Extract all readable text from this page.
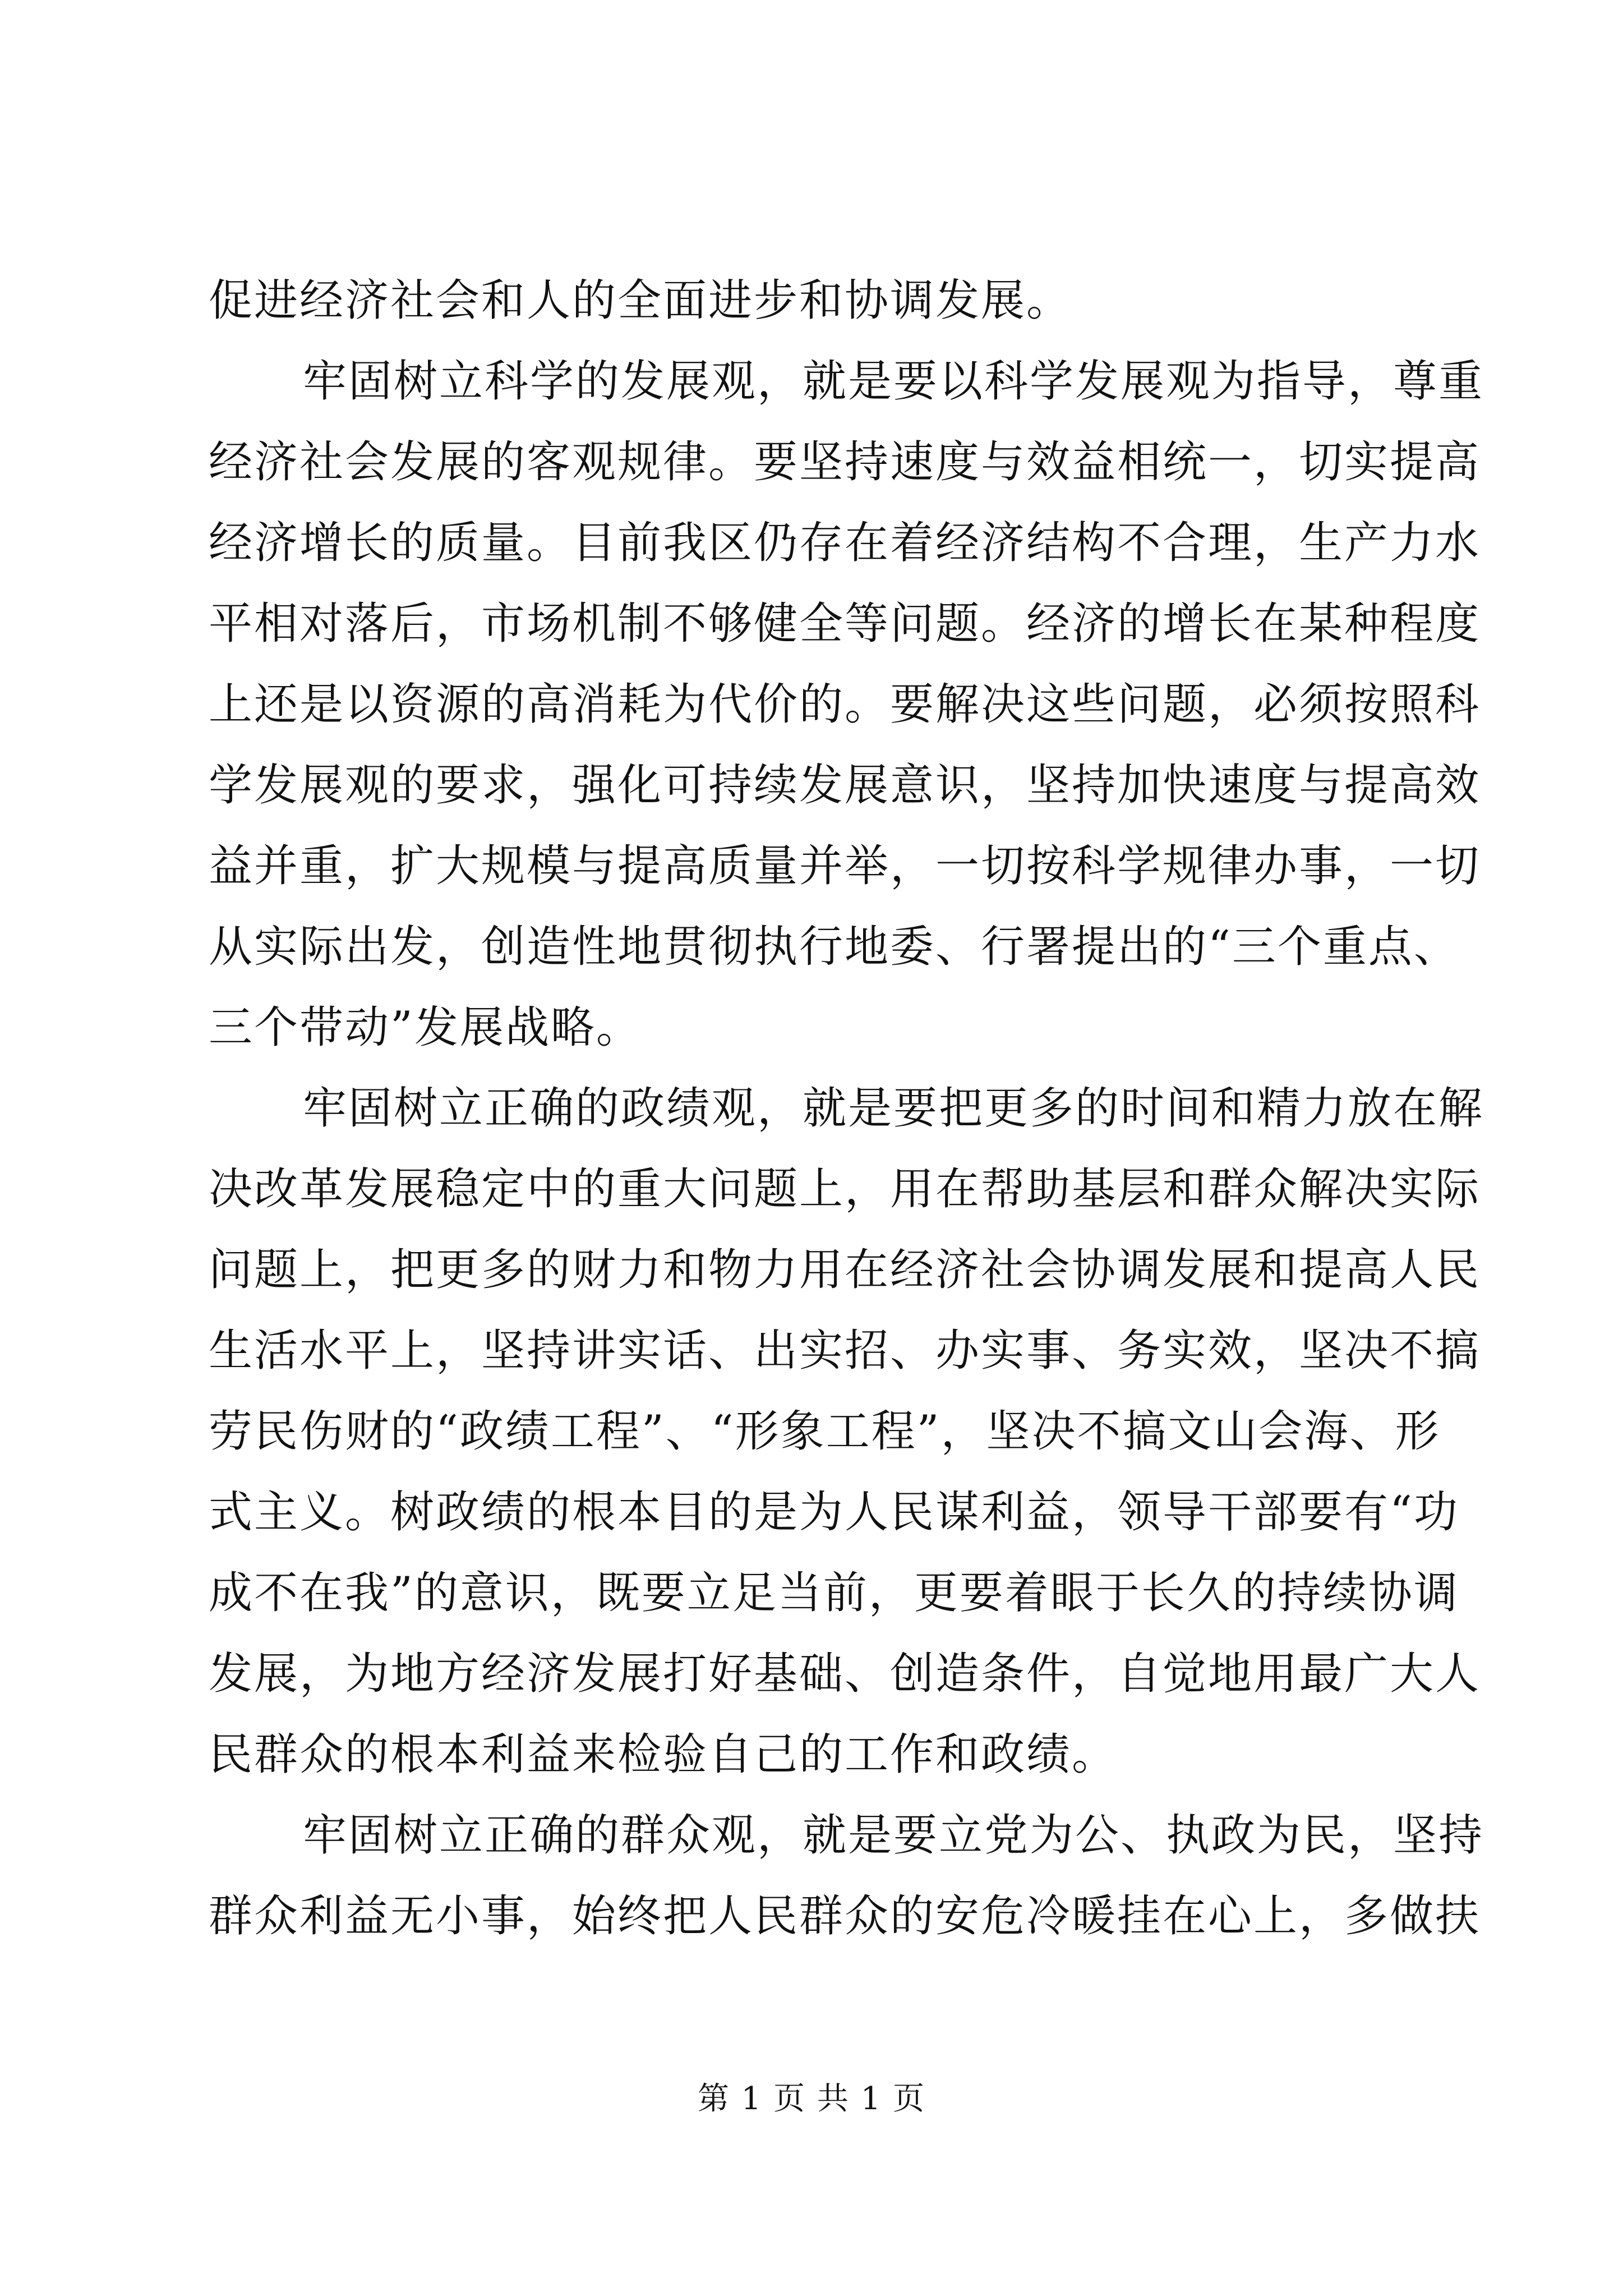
促进经济社会和人的全面进步和协调发展。
牢固树立科学的发展观，就是要以科学发展观为指导，尊重
经济社会发展的客观规律。要坚持速度与效益相统一，切实提高
经济增长的质量。目前我区仍存在着经济结构不合理，生产力水
平相对落后，市场机制不够健全等问题。经济的增长在某种程度
上还是以资源的高消耗为代价的。要解决这些问题，必须按照科
学发展观的要求，强化可持续发展意识，坚持加快速度与提高效
益并重，扩大规模与提高质量并举，一切按科学规律办事，一切
从实际出发，创造性地贯彻执行地委、行署提出的“三个重点、
三个带动”发展战略。
牢固树立正确的政绩观，就是要把更多的时间和精力放在解
决改革发展稳定中的重大问题上，用在帮助基层和群众解决实际
问题上，把更多的财力和物力用在经济社会协调发展和提高人民
生活水平上，坚持讲实话、出实招、办实事、务实效，坚决不搞
劳民伤财的“政绩工程”、“形象工程”，坚决不搞文山会海、形
式主义。树政绩的根本目的是为人民谋利益，领导干部要有“功
成不在我”的意识，既要立足当前，更要着眼于长久的持续协调
发展，为地方经济发展打好基础、创造条件，自觉地用最广大人
民群众的根本利益来检验自己的工作和政绩。
牢固树立正确的群众观，就是要立党为公、执政为民，坚持
群众利益无小事，始终把人民群众的安危冷暖挂在心上，多做扶
第 1 页 共 1 页
